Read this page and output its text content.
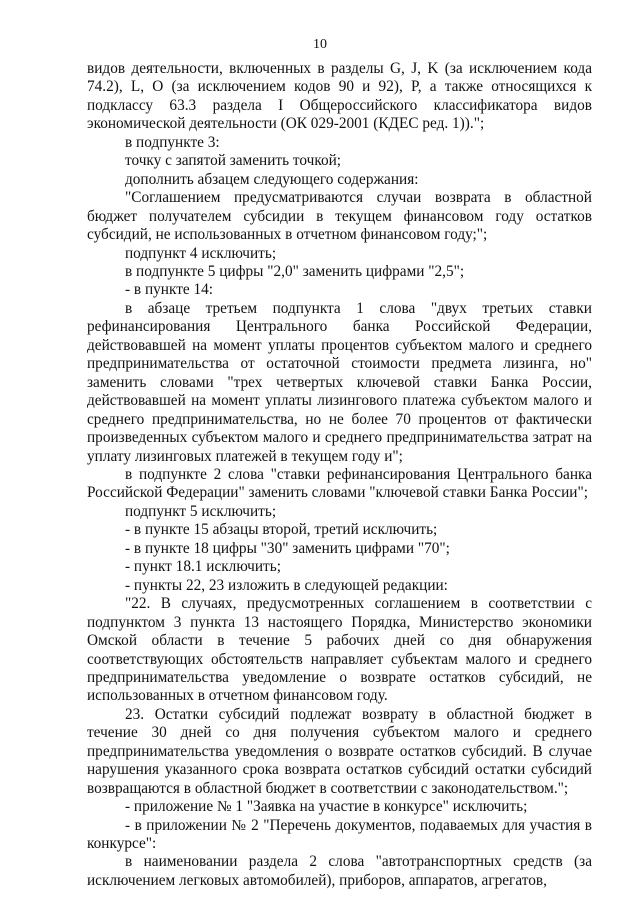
10

видов деятельности, включенных в разделы G, J, K (за исключением кода 74.2), L, O (за исключением кодов 90 и 92), P, а также относящихся к подклассу 63.3 раздела I Общероссийского классификатора видов экономической деятельности (ОК 029-2001 (КДЕС ред. 1)).";

в подпункте 3:

точку с запятой заменить точкой;

дополнить абзацем следующего содержания:

"Соглашением предусматриваются случаи возврата в областной бюджет получателем субсидии в текущем финансовом году остатков субсидий, не использованных в отчетном финансовом году;";

подпункт 4 исключить;

в подпункте 5 цифры "2,0" заменить цифрами "2,5";

- в пункте 14:

в абзаце третьем подпункта 1 слова "двух третьих ставки рефинансирования Центрального банка Российской Федерации, действовавшей на момент уплаты процентов субъектом малого и среднего предпринимательства от остаточной стоимости предмета лизинга, но" заменить словами "трех четвертых ключевой ставки Банка России, действовавшей на момент уплаты лизингового платежа субъектом малого и среднего предпринимательства, но не более 70 процентов от фактически произведенных субъектом малого и среднего предпринимательства затрат на уплату лизинговых платежей в текущем году и";

в подпункте 2 слова "ставки рефинансирования Центрального банка Российской Федерации" заменить словами "ключевой ставки Банка России";

подпункт 5 исключить;

- в пункте 15 абзацы второй, третий исключить;

- в пункте 18 цифры "30" заменить цифрами "70";

- пункт 18.1 исключить;

- пункты 22, 23 изложить в следующей редакции:

"22. В случаях, предусмотренных соглашением в соответствии с подпунктом 3 пункта 13 настоящего Порядка, Министерство экономики Омской области в течение 5 рабочих дней со дня обнаружения соответствующих обстоятельств направляет субъектам малого и среднего предпринимательства уведомление о возврате остатков субсидий, не использованных в отчетном финансовом году.

23. Остатки субсидий подлежат возврату в областной бюджет в течение 30 дней со дня получения субъектом малого и среднего предпринимательства уведомления о возврате остатков субсидий. В случае нарушения указанного срока возврата остатков субсидий остатки субсидий возвращаются в областной бюджет в соответствии с законодательством.";

- приложение № 1 "Заявка на участие в конкурсе" исключить;

- в приложении № 2 "Перечень документов, подаваемых для участия в конкурсе":

в наименовании раздела 2 слова "автотранспортных средств (за исключением легковых автомобилей), приборов, аппаратов, агрегатов,
